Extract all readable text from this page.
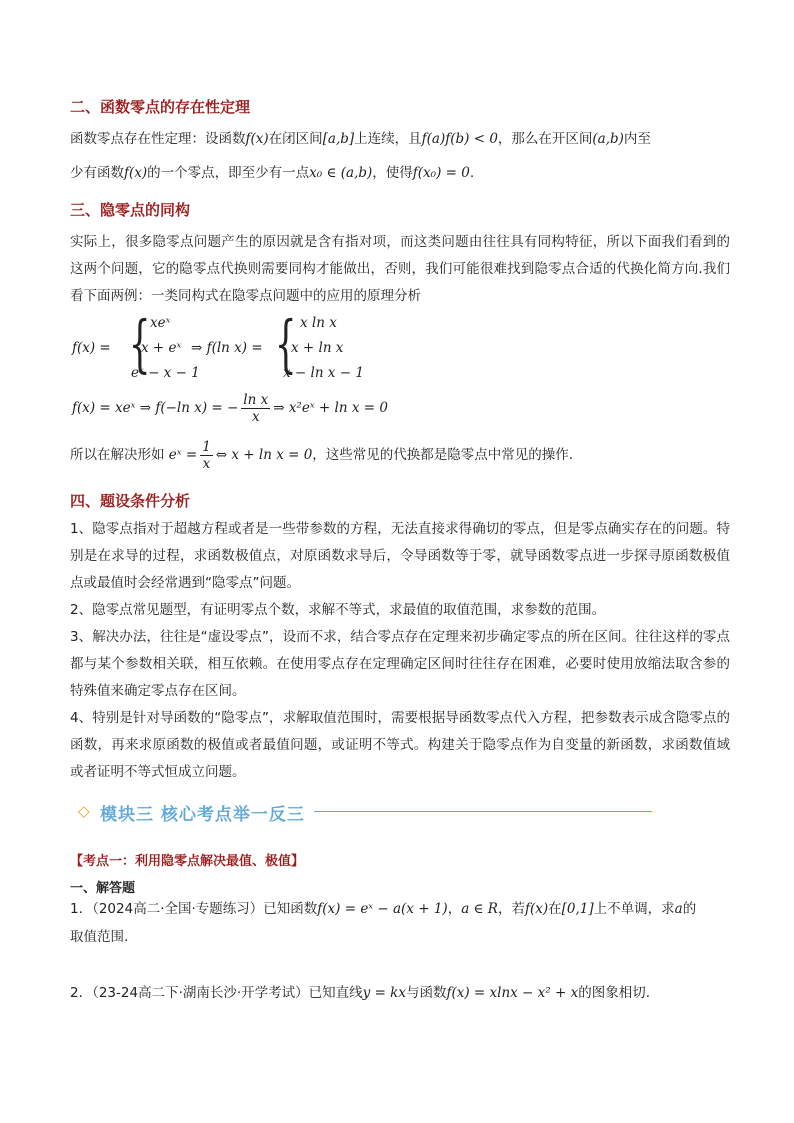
二、函数零点的存在性定理
函数零点存在性定理：设函数f(x)在闭区间[a,b]上连续，且f(a)f(b) < 0，那么在开区间(a,b)内至
少有函数f(x)的一个零点，即至少有一点x₀ ∈ (a,b)，使得f(x₀) = 0.
三、隐零点的同构
实际上，很多隐零点问题产生的原因就是含有指对项，而这类问题由往往具有同构特征，所以下面我们看到的这两个问题，它的隐零点代换则需要同构才能做出，否则，我们可能很难找到隐零点合适的代换化简方向.我们看下面两例：一类同构式在隐零点问题中的应用的原理分析
f(x) = { xeˣ
x + eˣ
eˣ − x − 1
⇒ f(ln x) = { x ln x
x + ln x
x − ln x − 1
f(x) = xeˣ ⇒ f(−ln x) = − $\frac{\text{ln x}}{x}$ ⇒ x²eˣ + ln x = 0
所以在解决形如 eˣ = $\frac{1}{x}$ ⇔ x + ln x = 0，这些常见的代换都是隐零点中常见的操作.
四、题设条件分析
1、隐零点指对于超越方程或者是一些带参数的方程，无法直接求得确切的零点，但是零点确实存在的问题。特别是在求导的过程，求函数极值点，对原函数求导后，令导函数等于零，就导函数零点进一步探寻原函数极值点或最值时会经常遇到“隐零点”问题。
2、隐零点常见题型，有证明零点个数，求解不等式，求最值的取值范围，求参数的范围。
3、解决办法，往往是“虚设零点”，设而不求，结合零点存在定理来初步确定零点的所在区间。往往这样的零点都与某个参数相关联，相互依赖。在使用零点存在定理确定区间时往往存在困难，必要时使用放缩法取含参的特殊值来确定零点存在区间。
4、特别是针对导函数的“隐零点”，求解取值范围时，需要根据导函数零点代入方程，把参数表示成含隐零点的函数，再来求原函数的极值或者最值问题，或证明不等式。构建关于隐零点作为自变量的新函数，求函数值域或者证明不等式恒成立问题。
◇ 模块三 核心考点举一反三
【考点一：利用隐零点解决最值、极值】
一、解答题
1．（2024高二·全国·专题练习）已知函数f(x) = eˣ − a(x + 1)，a ∈ R，若f(x)在[0,1]上不单调，求a的
取值范围.
2．（23-24高二下·湖南长沙·开学考试）已知直线y = kx与函数f(x) = xlnx − x² + x的图象相切.
